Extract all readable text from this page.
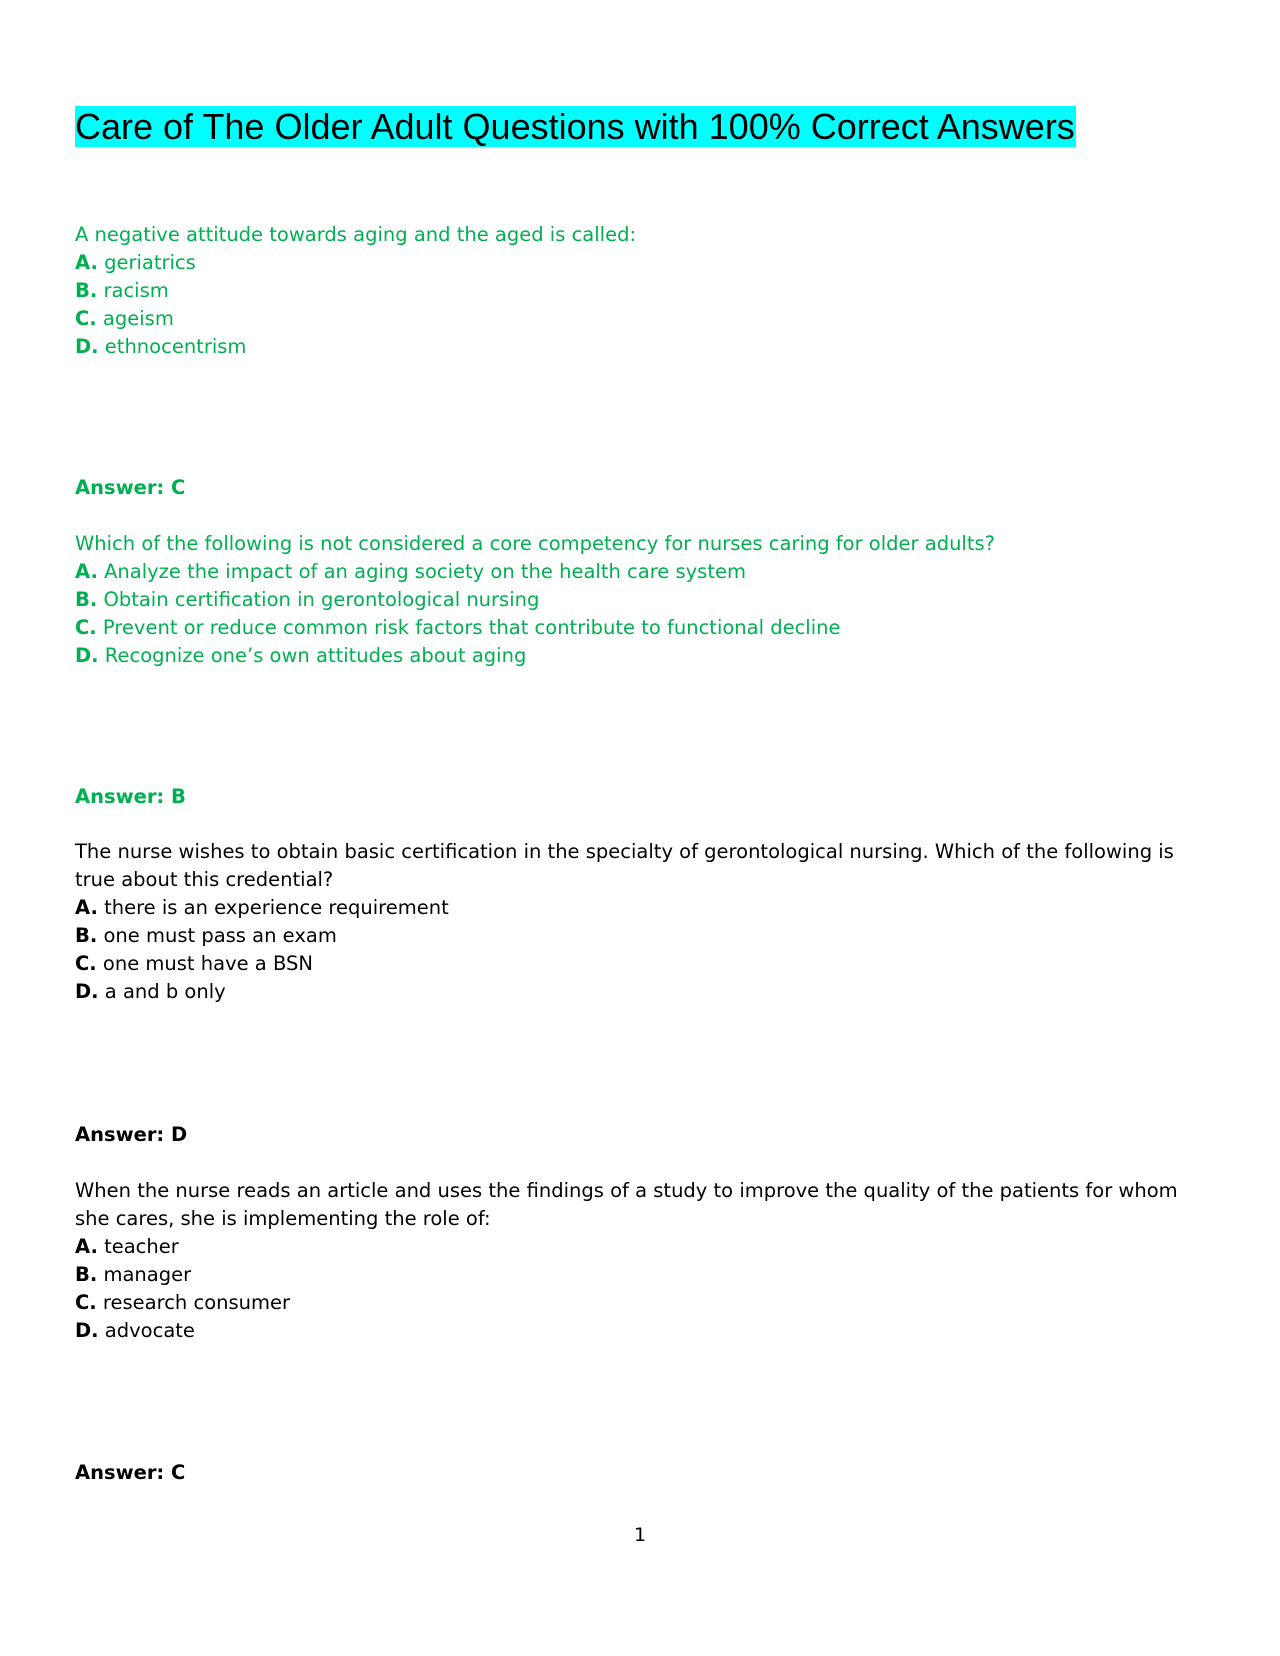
Care of The Older Adult Questions with 100% Correct Answers

A negative attitude towards aging and the aged is called:

A. geriatrics

B. racism

C. ageism

D. ethnocentrism

Answer: C

Which of the following is not considered a core competency for nurses caring for older adults?

A. Analyze the impact of an aging society on the health care system

B. Obtain certification in gerontological nursing

C. Prevent or reduce common risk factors that contribute to functional decline

D. Recognize one’s own attitudes about aging

Answer: B

The nurse wishes to obtain basic certification in the specialty of gerontological nursing. Which of the following is true about this credential?

A. there is an experience requirement

B. one must pass an exam

C. one must have a BSN

D. a and b only

Answer: D

When the nurse reads an article and uses the findings of a study to improve the quality of the patients for whom she cares, she is implementing the role of:

A. teacher

B. manager

C. research consumer

D. advocate

Answer: C
1
